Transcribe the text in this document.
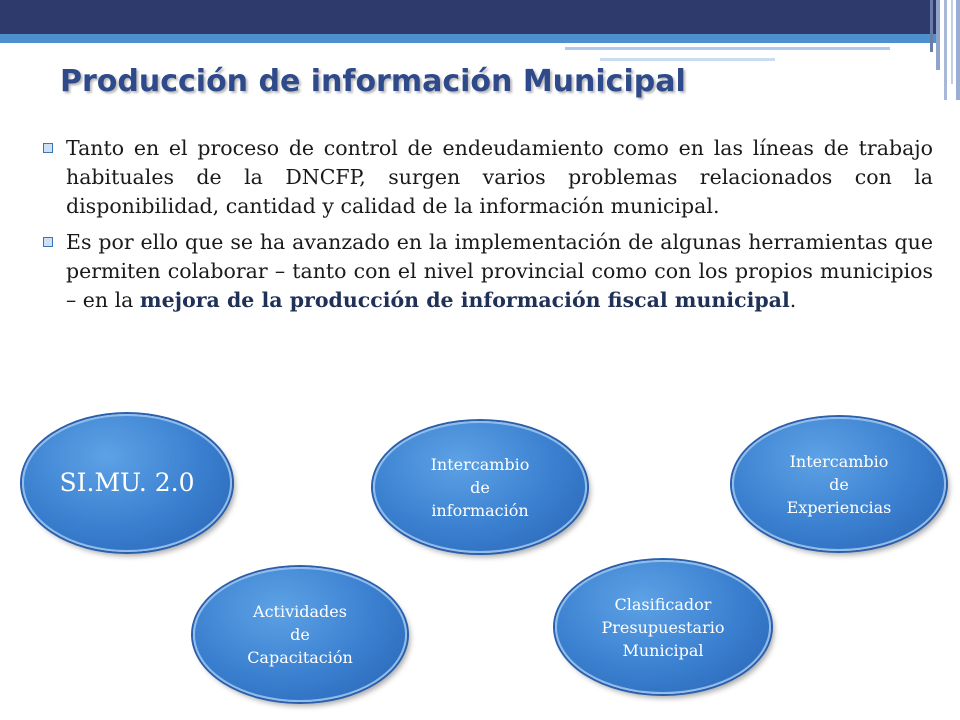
Producción de información Municipal
Tanto en el proceso de control de endeudamiento como en las líneas de trabajo habituales de la DNCFP, surgen varios problemas relacionados con la disponibilidad, cantidad y calidad de la información municipal.
Es por ello que se ha avanzado en la implementación de algunas herramientas que permiten colaborar – tanto con el nivel provincial como con los propios municipios – en la mejora de la producción de información fiscal municipal.
SI.MU. 2.0
Intercambio
de
información
Intercambio
de
Experiencias
Actividades
de
Capacitación
Clasificador
Presupuestario
Municipal
